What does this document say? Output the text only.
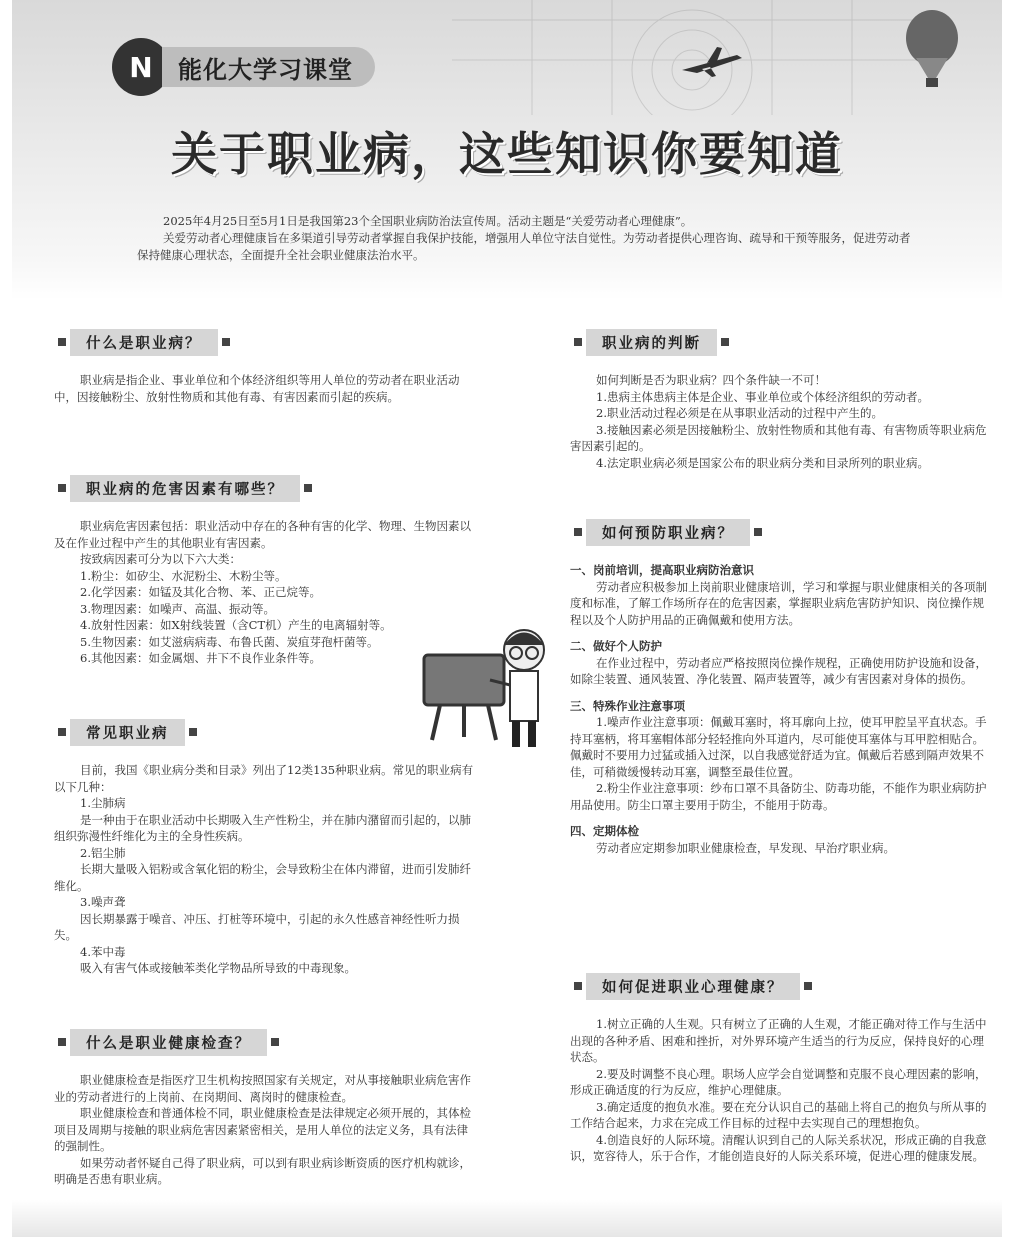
N	能化大学习课堂
关于职业病，这些知识你要知道

2025年4月25日至5月1日是我国第23个全国职业病防治法宣传周。活动主题是“关爱劳动者心理健康”。

关爱劳动者心理健康旨在多渠道引导劳动者掌握自我保护技能，增强用人单位守法自觉性。为劳动者提供心理咨询、疏导和干预等服务，促进劳动者保持健康心理状态，全面提升全社会职业健康法治水平。

什么是职业病？

职业病是指企业、事业单位和个体经济组织等用人单位的劳动者在职业活动中，因接触粉尘、放射性物质和其他有毒、有害因素而引起的疾病。

职业病的危害因素有哪些？

职业病危害因素包括：职业活动中存在的各种有害的化学、物理、生物因素以及在作业过程中产生的其他职业有害因素。

按致病因素可分为以下六大类：

1.粉尘：如矽尘、水泥粉尘、木粉尘等。

2.化学因素：如锰及其化合物、苯、正己烷等。

3.物理因素：如噪声、高温、振动等。

4.放射性因素：如X射线装置（含CT机）产生的电离辐射等。

5.生物因素：如艾滋病病毒、布鲁氏菌、炭疽芽孢杆菌等。

6.其他因素：如金属烟、井下不良作业条件等。

常见职业病

目前，我国《职业病分类和目录》列出了12类135种职业病。常见的职业病有以下几种：

1.尘肺病

是一种由于在职业活动中长期吸入生产性粉尘，并在肺内潴留而引起的，以肺组织弥漫性纤维化为主的全身性疾病。

2.铝尘肺

长期大量吸入铝粉或含氧化铝的粉尘，会导致粉尘在体内滞留，进而引发肺纤维化。

3.噪声聋

因长期暴露于噪音、冲压、打桩等环境中，引起的永久性感音神经性听力损失。

4.苯中毒

吸入有害气体或接触苯类化学物品所导致的中毒现象。

什么是职业健康检查？

职业健康检查是指医疗卫生机构按照国家有关规定，对从事接触职业病危害作业的劳动者进行的上岗前、在岗期间、离岗时的健康检查。

职业健康检查和普通体检不同，职业健康检查是法律规定必须开展的，其体检项目及周期与接触的职业病危害因素紧密相关，是用人单位的法定义务，具有法律的强制性。

如果劳动者怀疑自己得了职业病，可以到有职业病诊断资质的医疗机构就诊，明确是否患有职业病。

职业病的判断

如何判断是否为职业病？四个条件缺一不可！

1.患病主体患病主体是企业、事业单位或个体经济组织的劳动者。

2.职业活动过程必须是在从事职业活动的过程中产生的。

3.接触因素必须是因接触粉尘、放射性物质和其他有毒、有害物质等职业病危害因素引起的。

4.法定职业病必须是国家公布的职业病分类和目录所列的职业病。

如何预防职业病？

一、岗前培训，提高职业病防治意识

劳动者应积极参加上岗前职业健康培训，学习和掌握与职业健康相关的各项制度和标准，了解工作场所存在的危害因素，掌握职业病危害防护知识、岗位操作规程以及个人防护用品的正确佩戴和使用方法。

二、做好个人防护

在作业过程中，劳动者应严格按照岗位操作规程，正确使用防护设施和设备，如除尘装置、通风装置、净化装置、隔声装置等，减少有害因素对身体的损伤。

三、特殊作业注意事项

1.噪声作业注意事项：佩戴耳塞时，将耳廓向上拉，使耳甲腔呈平直状态。手持耳塞柄，将耳塞帽体部分轻轻推向外耳道内，尽可能使耳塞体与耳甲腔相贴合。佩戴时不要用力过猛或插入过深，以自我感觉舒适为宜。佩戴后若感到隔声效果不佳，可稍微缓慢转动耳塞，调整至最佳位置。

2.粉尘作业注意事项：纱布口罩不具备防尘、防毒功能，不能作为职业病防护用品使用。防尘口罩主要用于防尘，不能用于防毒。

四、定期体检

劳动者应定期参加职业健康检查，早发现、早治疗职业病。

如何促进职业心理健康？

1.树立正确的人生观。只有树立了正确的人生观，才能正确对待工作与生活中出现的各种矛盾、困难和挫折，对外界环境产生适当的行为反应，保持良好的心理状态。

2.要及时调整不良心理。职场人应学会自觉调整和克服不良心理因素的影响，形成正确适度的行为反应，维护心理健康。

3.确定适度的抱负水准。要在充分认识自己的基础上将自己的抱负与所从事的工作结合起来，力求在完成工作目标的过程中去实现自己的理想抱负。

4.创造良好的人际环境。清醒认识到自己的人际关系状况，形成正确的自我意识，宽容待人，乐于合作，才能创造良好的人际关系环境，促进心理的健康发展。
